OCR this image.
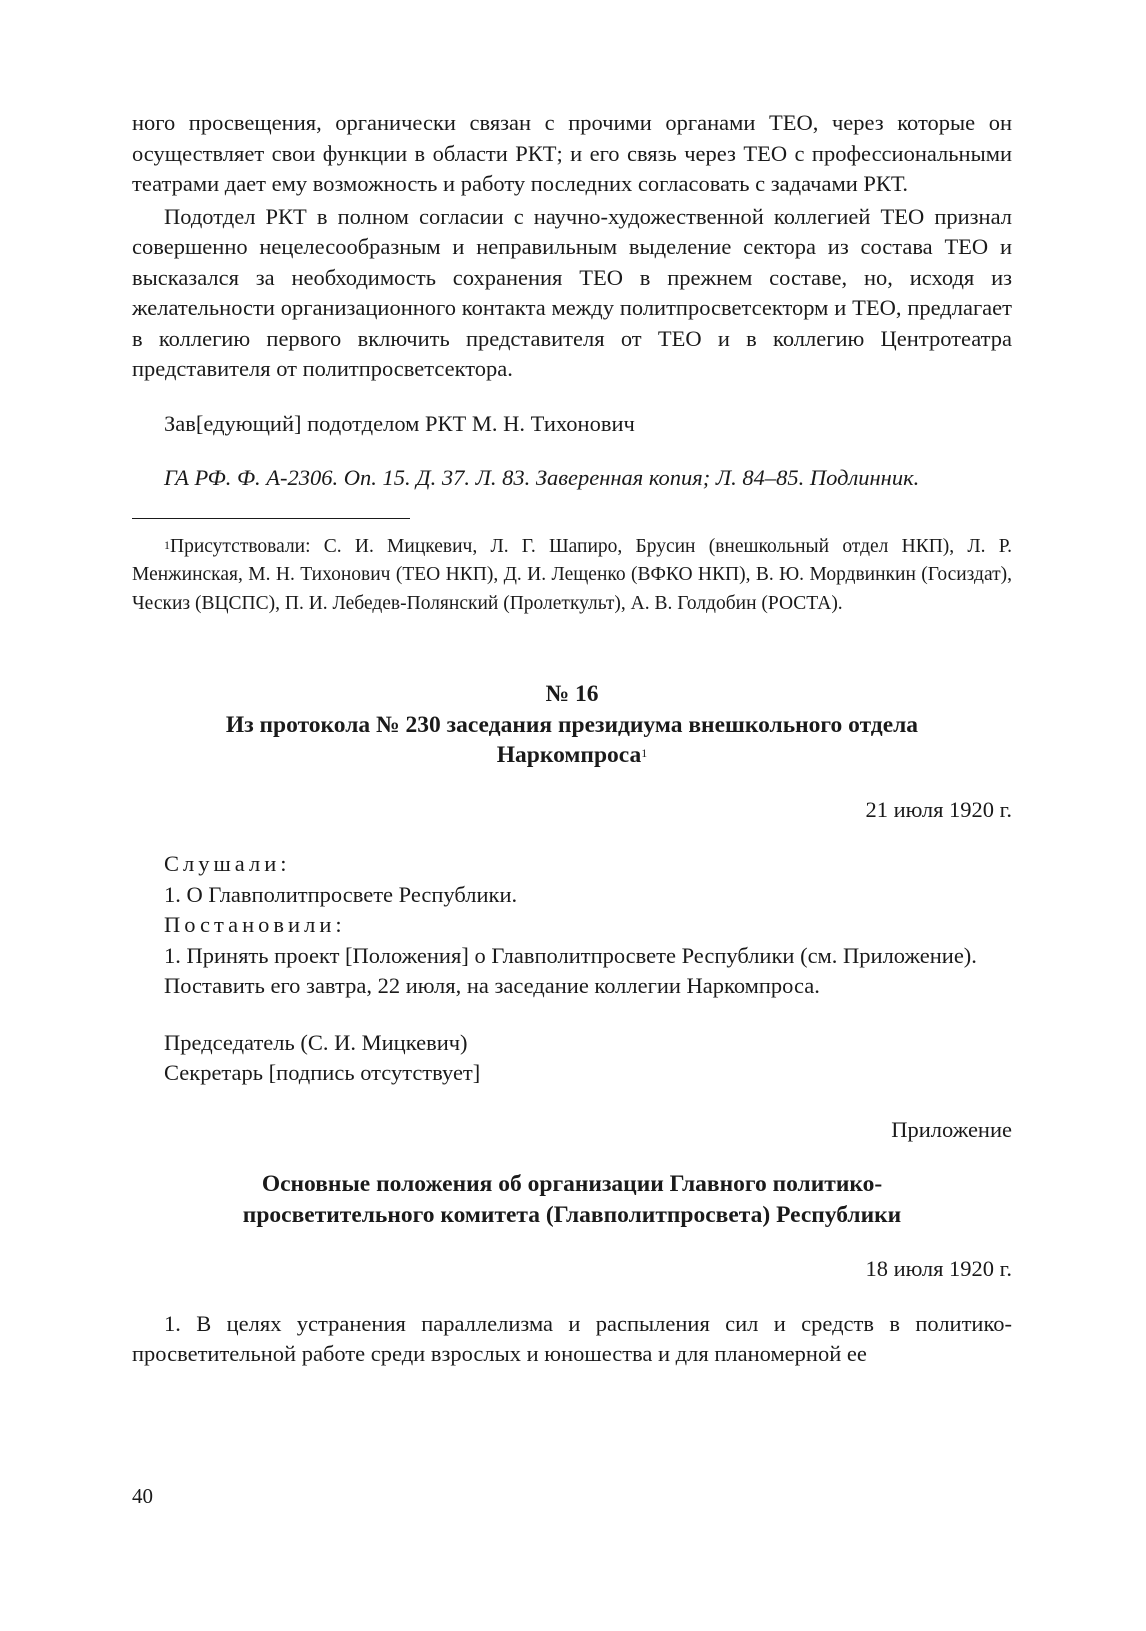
ного просвещения, органически связан с прочими органами ТЕО, через которые он осуществляет свои функции в области РКТ; и его связь через ТЕО с профессиональными театрами дает ему возможность и работу последних согласовать с задачами РКТ.

Подотдел РКТ в полном согласии с научно-художественной коллегией ТЕО признал совершенно нецелесообразным и неправильным выделение сектора из состава ТЕО и высказался за необходимость сохранения ТЕО в прежнем составе, но, исходя из желательности организационного контакта между политпросветсекторм и ТЕО, предлагает в коллегию первого включить представителя от ТЕО и в коллегию Центротеатра представителя от политпросветсектора.

Зав[едующий] подотделом РКТ М. Н. Тихонович

ГА РФ. Ф. А-2306. Оп. 15. Д. 37. Л. 83. Заверенная копия; Л. 84–85. Подлинник.

$^1$Присутствовали: С. И. Мицкевич, Л. Г. Шапиро, Брусин (внешкольный отдел НКП), Л. Р. Менжинская, М. Н. Тихонович (ТЕО НКП), Д. И. Лещенко (ВФКО НКП), В. Ю. Мордвинкин (Госиздат), Ческиз (ВЦСПС), П. И. Лебедев-Полянский (Пролеткульт), А. В. Голдобин (РОСТА).

№ 16

Из протокола № 230 заседания президиума внешкольного отдела

Наркомпроса$^1$

21 июля 1920 г.

Слушали:

1. О Главполитпросвете Республики.

Постановили:

1. Принять проект [Положения] о Главполитпросвете Республики (см. Приложение).

Поставить его завтра, 22 июля, на заседание коллегии Наркомпроса.

Председатель (С. И. Мицкевич)

Секретарь [подпись отсутствует]

Приложение

Основные положения об организации Главного политико-

просветительного комитета (Главполитпросвета) Республики

18 июля 1920 г.

1. В целях устранения параллелизма и распыления сил и средств в политико-просветительной работе среди взрослых и юношества и для планомерной ее

40
